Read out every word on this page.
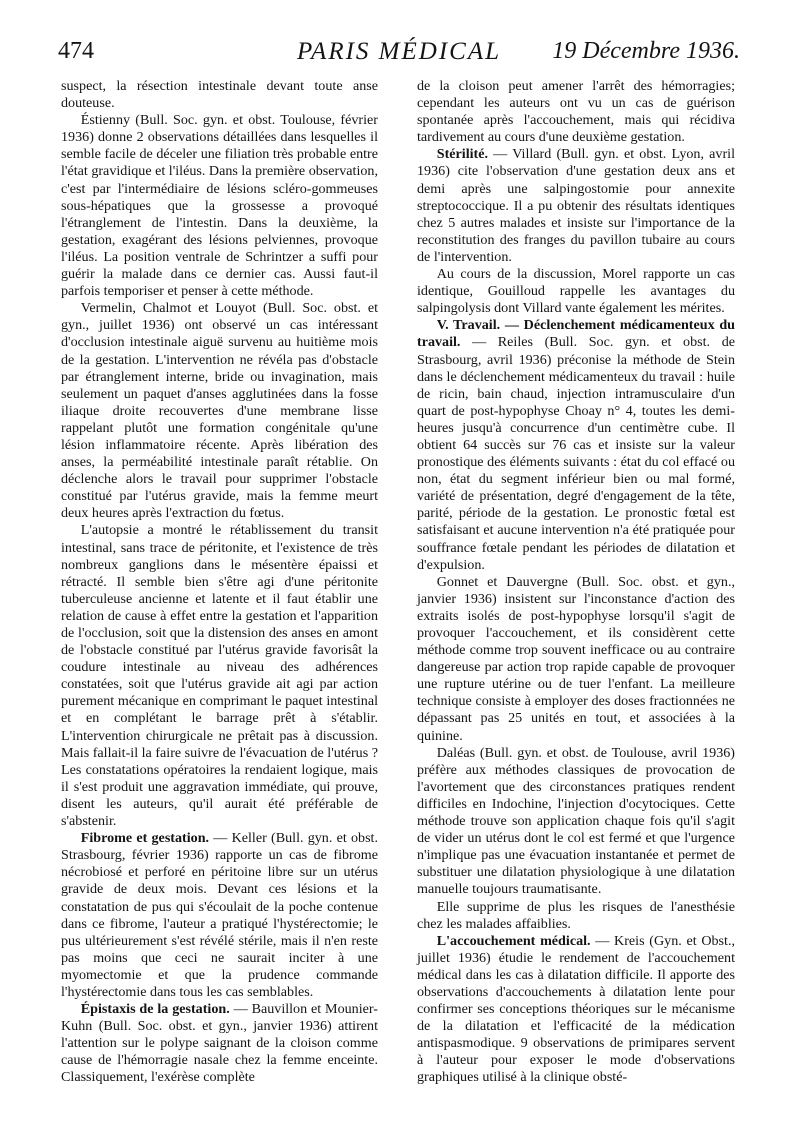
474	PARIS MÉDICAL	19 Décembre 1936.

suspect, la résection intestinale devant toute anse douteuse.

Éstienny (Bull. Soc. gyn. et obst. Toulouse, février 1936) donne 2 observations détaillées dans lesquelles il semble facile de déceler une filiation très probable entre l'état gravidique et l'iléus. Dans la première observation, c'est par l'intermédiaire de lésions scléro-gommeuses sous-hépatiques que la grossesse a provoqué l'étranglement de l'intestin. Dans la deuxième, la gestation, exagérant des lésions pelviennes, provoque l'iléus. La position ventrale de Schrintzer a suffi pour guérir la malade dans ce dernier cas. Aussi faut-il parfois temporiser et penser à cette méthode.

Vermelin, Chalmot et Louyot (Bull. Soc. obst. et gyn., juillet 1936) ont observé un cas intéressant d'occlusion intestinale aiguë survenu au huitième mois de la gestation. L'intervention ne révéla pas d'obstacle par étranglement interne, bride ou invagination, mais seulement un paquet d'anses agglutinées dans la fosse iliaque droite recouvertes d'une membrane lisse rappelant plutôt une formation congénitale qu'une lésion inflammatoire récente. Après libération des anses, la perméabilité intestinale paraît rétablie. On déclenche alors le travail pour supprimer l'obstacle constitué par l'utérus gravide, mais la femme meurt deux heures après l'extraction du fœtus.

L'autopsie a montré le rétablissement du transit intestinal, sans trace de péritonite, et l'existence de très nombreux ganglions dans le mésentère épaissi et rétracté. Il semble bien s'être agi d'une péritonite tuberculeuse ancienne et latente et il faut établir une relation de cause à effet entre la gestation et l'apparition de l'occlusion, soit que la distension des anses en amont de l'obstacle constitué par l'utérus gravide favorisât la coudure intestinale au niveau des adhérences constatées, soit que l'utérus gravide ait agi par action purement mécanique en comprimant le paquet intestinal et en complétant le barrage prêt à s'établir. L'intervention chirurgicale ne prêtait pas à discussion. Mais fallait-il la faire suivre de l'évacuation de l'utérus ? Les constatations opératoires la rendaient logique, mais il s'est produit une aggravation immédiate, qui prouve, disent les auteurs, qu'il aurait été préférable de s'abstenir.

Fibrome et gestation. — Keller (Bull. gyn. et obst. Strasbourg, février 1936) rapporte un cas de fibrome nécrobiosé et perforé en péritoine libre sur un utérus gravide de deux mois. Devant ces lésions et la constatation de pus qui s'écoulait de la poche contenue dans ce fibrome, l'auteur a pratiqué l'hystérectomie; le pus ultérieurement s'est révélé stérile, mais il n'en reste pas moins que ceci ne saurait inciter à une myomectomie et que la prudence commande l'hystérectomie dans tous les cas semblables.

Épistaxis de la gestation. — Bauvillon et Mounier-Kuhn (Bull. Soc. obst. et gyn., janvier 1936) attirent l'attention sur le polype saignant de la cloison comme cause de l'hémorragie nasale chez la femme enceinte. Classiquement, l'exérèse complète

de la cloison peut amener l'arrêt des hémorragies; cependant les auteurs ont vu un cas de guérison spontanée après l'accouchement, mais qui récidiva tardivement au cours d'une deuxième gestation.

Stérilité. — Villard (Bull. gyn. et obst. Lyon, avril 1936) cite l'observation d'une gestation deux ans et demi après une salpingostomie pour annexite streptococcique. Il a pu obtenir des résultats identiques chez 5 autres malades et insiste sur l'importance de la reconstitution des franges du pavillon tubaire au cours de l'intervention.

Au cours de la discussion, Morel rapporte un cas identique, Gouilloud rappelle les avantages du salpingolysis dont Villard vante également les mérites.

V. Travail. — Déclenchement médicamenteux du travail. — Reiles (Bull. Soc. gyn. et obst. de Strasbourg, avril 1936) préconise la méthode de Stein dans le déclenchement médicamenteux du travail : huile de ricin, bain chaud, injection intramusculaire d'un quart de post-hypophyse Choay n° 4, toutes les demi-heures jusqu'à concurrence d'un centimètre cube. Il obtient 64 succès sur 76 cas et insiste sur la valeur pronostique des éléments suivants : état du col effacé ou non, état du segment inférieur bien ou mal formé, variété de présentation, degré d'engagement de la tête, parité, période de la gestation. Le pronostic fœtal est satisfaisant et aucune intervention n'a été pratiquée pour souffrance fœtale pendant les périodes de dilatation et d'expulsion.

Gonnet et Dauvergne (Bull. Soc. obst. et gyn., janvier 1936) insistent sur l'inconstance d'action des extraits isolés de post-hypophyse lorsqu'il s'agit de provoquer l'accouchement, et ils considèrent cette méthode comme trop souvent inefficace ou au contraire dangereuse par action trop rapide capable de provoquer une rupture utérine ou de tuer l'enfant. La meilleure technique consiste à employer des doses fractionnées ne dépassant pas 25 unités en tout, et associées à la quinine.

Daléas (Bull. gyn. et obst. de Toulouse, avril 1936) préfère aux méthodes classiques de provocation de l'avortement que des circonstances pratiques rendent difficiles en Indochine, l'injection d'ocytociques. Cette méthode trouve son application chaque fois qu'il s'agit de vider un utérus dont le col est fermé et que l'urgence n'implique pas une évacuation instantanée et permet de substituer une dilatation physiologique à une dilatation manuelle toujours traumatisante.

Elle supprime de plus les risques de l'anesthésie chez les malades affaiblies.

L'accouchement médical. — Kreis (Gyn. et Obst., juillet 1936) étudie le rendement de l'accouchement médical dans les cas à dilatation difficile. Il apporte des observations d'accouchements à dilatation lente pour confirmer ses conceptions théoriques sur le mécanisme de la dilatation et l'efficacité de la médication antispasmodique. 9 observations de primipares servent à l'auteur pour exposer le mode d'observations graphiques utilisé à la clinique obsté-
